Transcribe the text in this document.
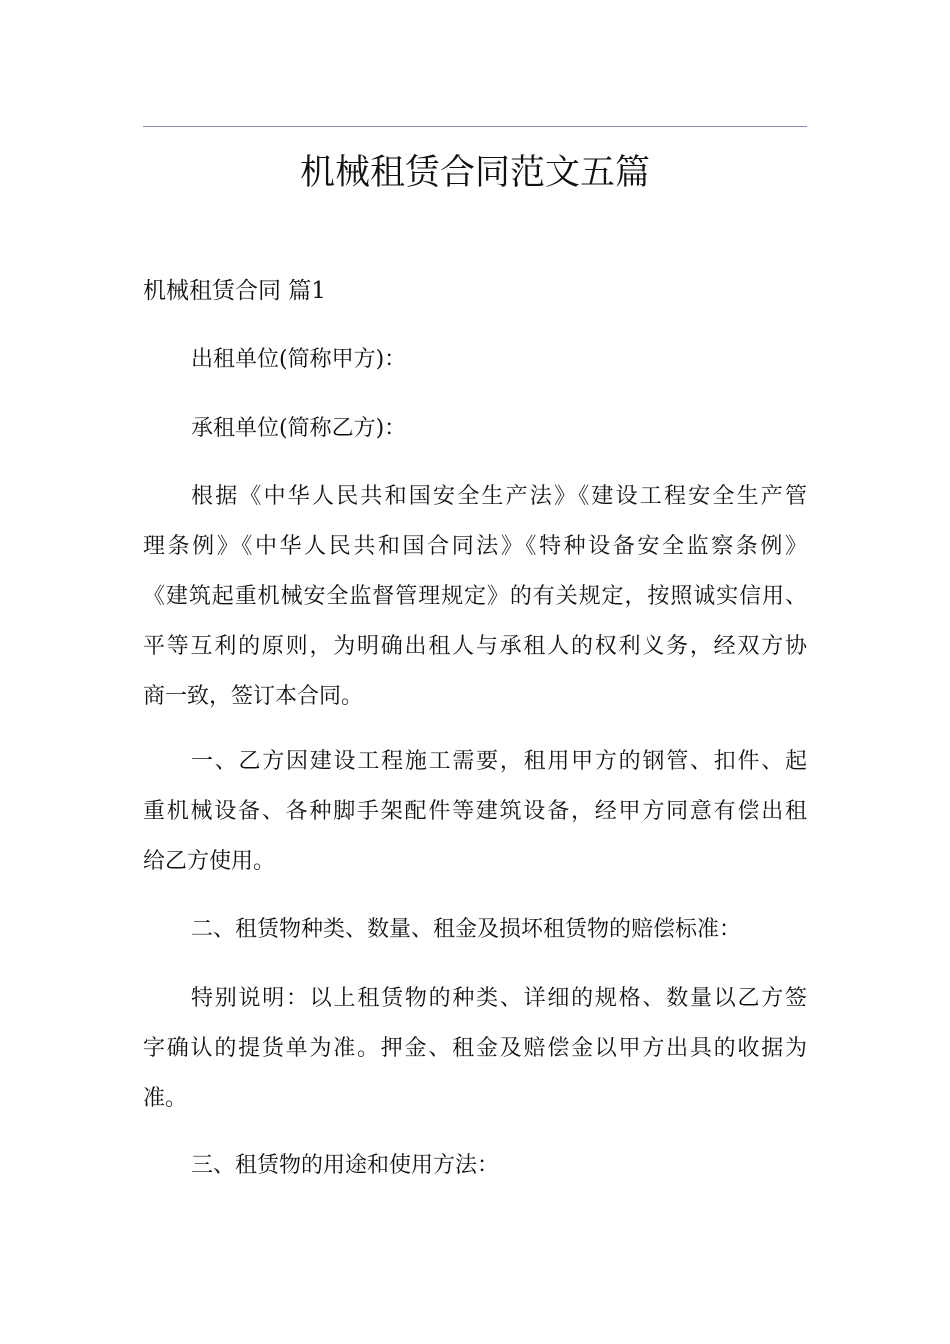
机械租赁合同范文五篇
机械租赁合同 篇1
出租单位(简称甲方)：
承租单位(简称乙方)：
根据《中华人民共和国安全生产法》《建设工程安全生产管
理条例》《中华人民共和国合同法》《特种设备安全监察条例》
《建筑起重机械安全监督管理规定》的有关规定，按照诚实信用、
平等互利的原则，为明确出租人与承租人的权利义务，经双方协
商一致，签订本合同。
一、乙方因建设工程施工需要，租用甲方的钢管、扣件、起
重机械设备、各种脚手架配件等建筑设备，经甲方同意有偿出租
给乙方使用。
二、租赁物种类、数量、租金及损坏租赁物的赔偿标准：
特别说明：以上租赁物的种类、详细的规格、数量以乙方签
字确认的提货单为准。押金、租金及赔偿金以甲方出具的收据为
准。
三、租赁物的用途和使用方法：
